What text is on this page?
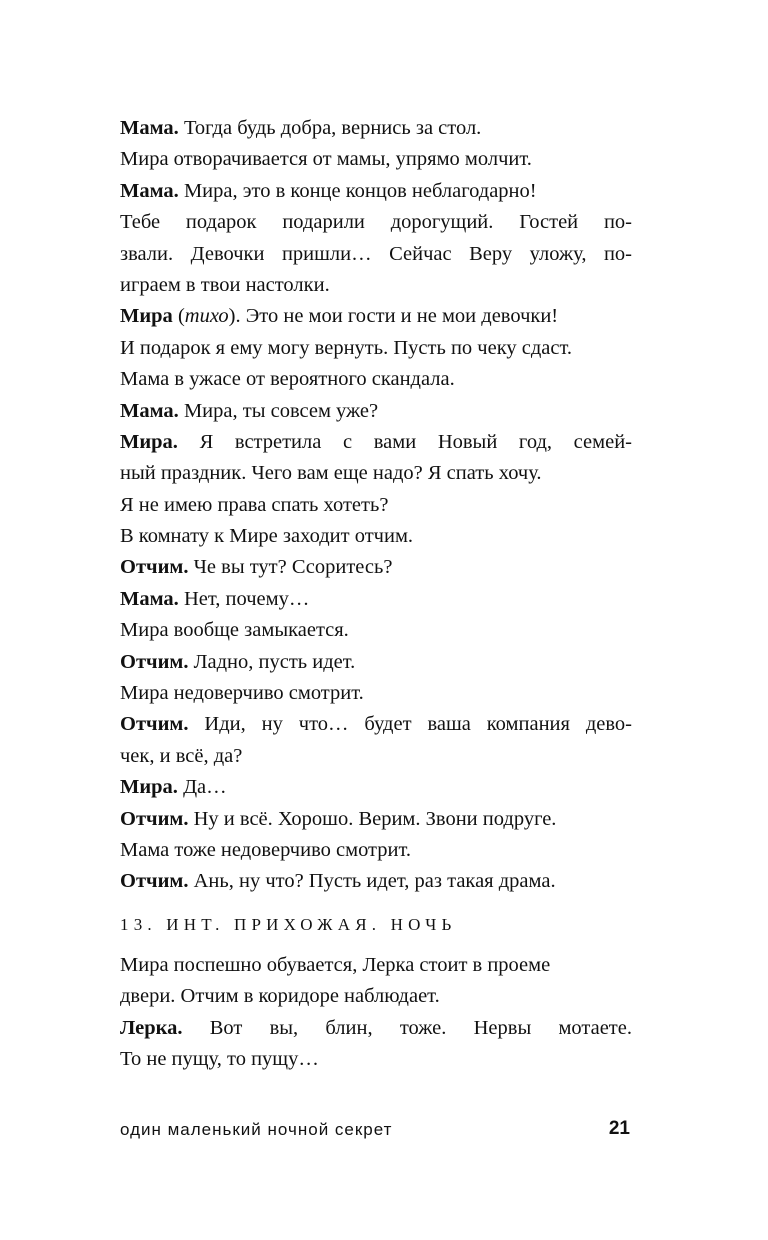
Мама. Тогда будь добра, вернись за стол.
Мира отворачивается от мамы, упрямо молчит.
Мама. Мира, это в конце концов неблагодарно!
Тебе подарок подарили дорогущий. Гостей по-
звали. Девочки пришли… Сейчас Веру уложу, по-
играем в твои настолки.
Мира (тихо). Это не мои гости и не мои девочки!
И подарок я ему могу вернуть. Пусть по чеку сдаст.
Мама в ужасе от вероятного скандала.
Мама. Мира, ты совсем уже?
Мира. Я встретила с вами Новый год, семей-
ный праздник. Чего вам еще надо? Я спать хочу.
Я не имею права спать хотеть?
В комнату к Мире заходит отчим.
Отчим. Че вы тут? Ссоритесь?
Мама. Нет, почему…
Мира вообще замыкается.
Отчим. Ладно, пусть идет.
Мира недоверчиво смотрит.
Отчим. Иди, ну что… будет ваша компания дево-
чек, и всё, да?
Мира. Да…
Отчим. Ну и всё. Хорошо. Верим. Звони подруге.
Мама тоже недоверчиво смотрит.
Отчим. Ань, ну что? Пусть идет, раз такая драма.
13. ИНТ. ПРИХОЖАЯ. НОЧЬ
Мира поспешно обувается, Лерка стоит в проеме
двери. Отчим в коридоре наблюдает.
Лерка. Вот вы, блин, тоже. Нервы мотаете.
То не пущу, то пущу…
один маленький ночной секрет	21
